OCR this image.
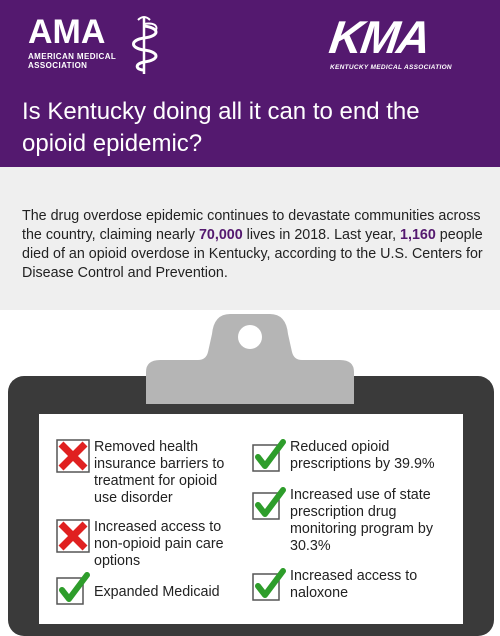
AMA
AMERICAN MEDICAL
ASSOCIATION
KMA
KENTUCKY MEDICAL ASSOCIATION
Is Kentucky doing all it can to end the opioid epidemic?

The drug overdose epidemic continues to devastate communities across the country, claiming nearly 70,000 lives in 2018. Last year, 1,160 people died of an opioid overdose in Kentucky, according to the U.S. Centers for Disease Control and Prevention.

Removed health insurance barriers to treatment for opioid use disorder
Increased access to non-opioid pain care options
Expanded Medicaid
Reduced opioid prescriptions by 39.9%
Increased use of state prescription drug monitoring program by 30.3%
Increased access to naloxone
